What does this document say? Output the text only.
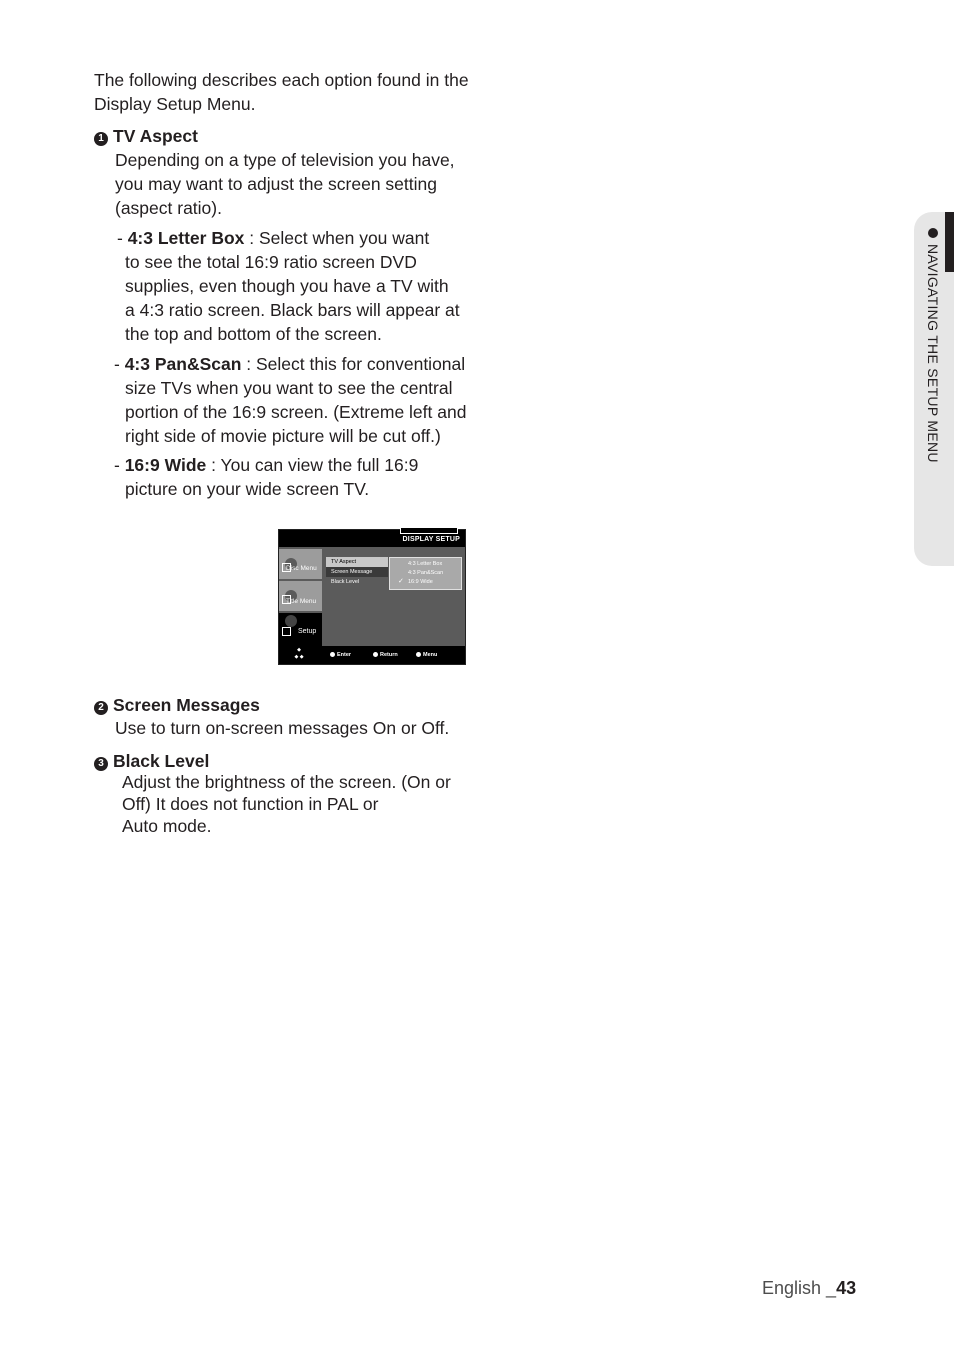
The following describes each option found in the
Display Setup Menu.
1 TV Aspect
Depending on a type of television you have,
you may want to adjust the screen setting
(aspect ratio).
- 4:3 Letter Box : Select when you want
to see the total 16:9 ratio screen DVD
supplies, even though you have a TV with
a 4:3 ratio screen. Black bars will appear at
the top and bottom of the screen.
- 4:3 Pan&Scan : Select this for conventional
size TVs when you want to see the central
portion of the 16:9 screen. (Extreme left and
right side of movie picture will be cut off.)
- 16:9 Wide : You can view the full 16:9
picture on your wide screen TV.
DISPLAY SETUP
Disc Menu
Title Menu
Setup
TV Aspect
Screen Message
Black Level
4:3 Letter Box
4:3 Pan&Scan
✓ 16:9 Wide
◆
◆ ◆	Enter	Return	Menu
2 Screen Messages
Use to turn on-screen messages On or Off.
3 Black Level
Adjust the brightness of the screen. (On or
Off) It does not function in PAL or
Auto mode.
NAVIGATING THE SETUP MENU
English _43
